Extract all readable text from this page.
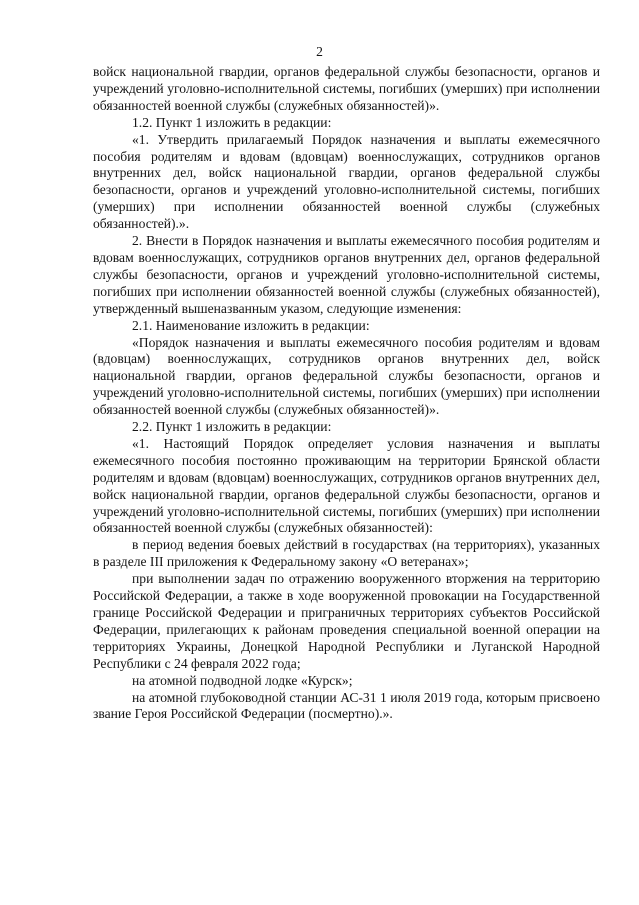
2

войск национальной гвардии, органов федеральной службы безопасности, органов и учреждений уголовно-исполнительной системы, погибших (умерших) при исполнении обязанностей военной службы (служебных обязанностей)».

1.2. Пункт 1 изложить в редакции:

«1. Утвердить прилагаемый Порядок назначения и выплаты ежемесячного пособия родителям и вдовам (вдовцам) военнослужащих, сотрудников органов внутренних дел, войск национальной гвардии, органов федеральной службы безопасности, органов и учреждений уголовно-исполнительной системы, погибших (умерших) при исполнении обязанностей военной службы (служебных обязанностей).».

2. Внести в Порядок назначения и выплаты ежемесячного пособия родителям и вдовам военнослужащих, сотрудников органов внутренних дел, органов федеральной службы безопасности, органов и учреждений уголовно-исполнительной системы, погибших при исполнении обязанностей военной службы (служебных обязанностей), утвержденный вышеназванным указом, следующие изменения:

2.1. Наименование изложить в редакции:

«Порядок назначения и выплаты ежемесячного пособия родителям и вдовам (вдовцам) военнослужащих, сотрудников органов внутренних дел, войск национальной гвардии, органов федеральной службы безопасности, органов и учреждений уголовно-исполнительной системы, погибших (умерших) при исполнении обязанностей военной службы (служебных обязанностей)».

2.2. Пункт 1 изложить в редакции:

«1. Настоящий Порядок определяет условия назначения и выплаты ежемесячного пособия постоянно проживающим на территории Брянской области родителям и вдовам (вдовцам) военнослужащих, сотрудников органов внутренних дел, войск национальной гвардии, органов федеральной службы безопасности, органов и учреждений уголовно-исполнительной системы, погибших (умерших) при исполнении обязанностей военной службы (служебных обязанностей):

в период ведения боевых действий в государствах (на территориях), указанных в разделе III приложения к Федеральному закону «О ветеранах»;

при выполнении задач по отражению вооруженного вторжения на территорию Российской Федерации, а также в ходе вооруженной провокации на Государственной границе Российской Федерации и приграничных территориях субъектов Российской Федерации, прилегающих к районам проведения специальной военной операции на территориях Украины, Донецкой Народной Республики и Луганской Народной Республики с 24 февраля 2022 года;

на атомной подводной лодке «Курск»;

на атомной глубоководной станции АС-31 1 июля 2019 года, которым присвоено звание Героя Российской Федерации (посмертно).».
